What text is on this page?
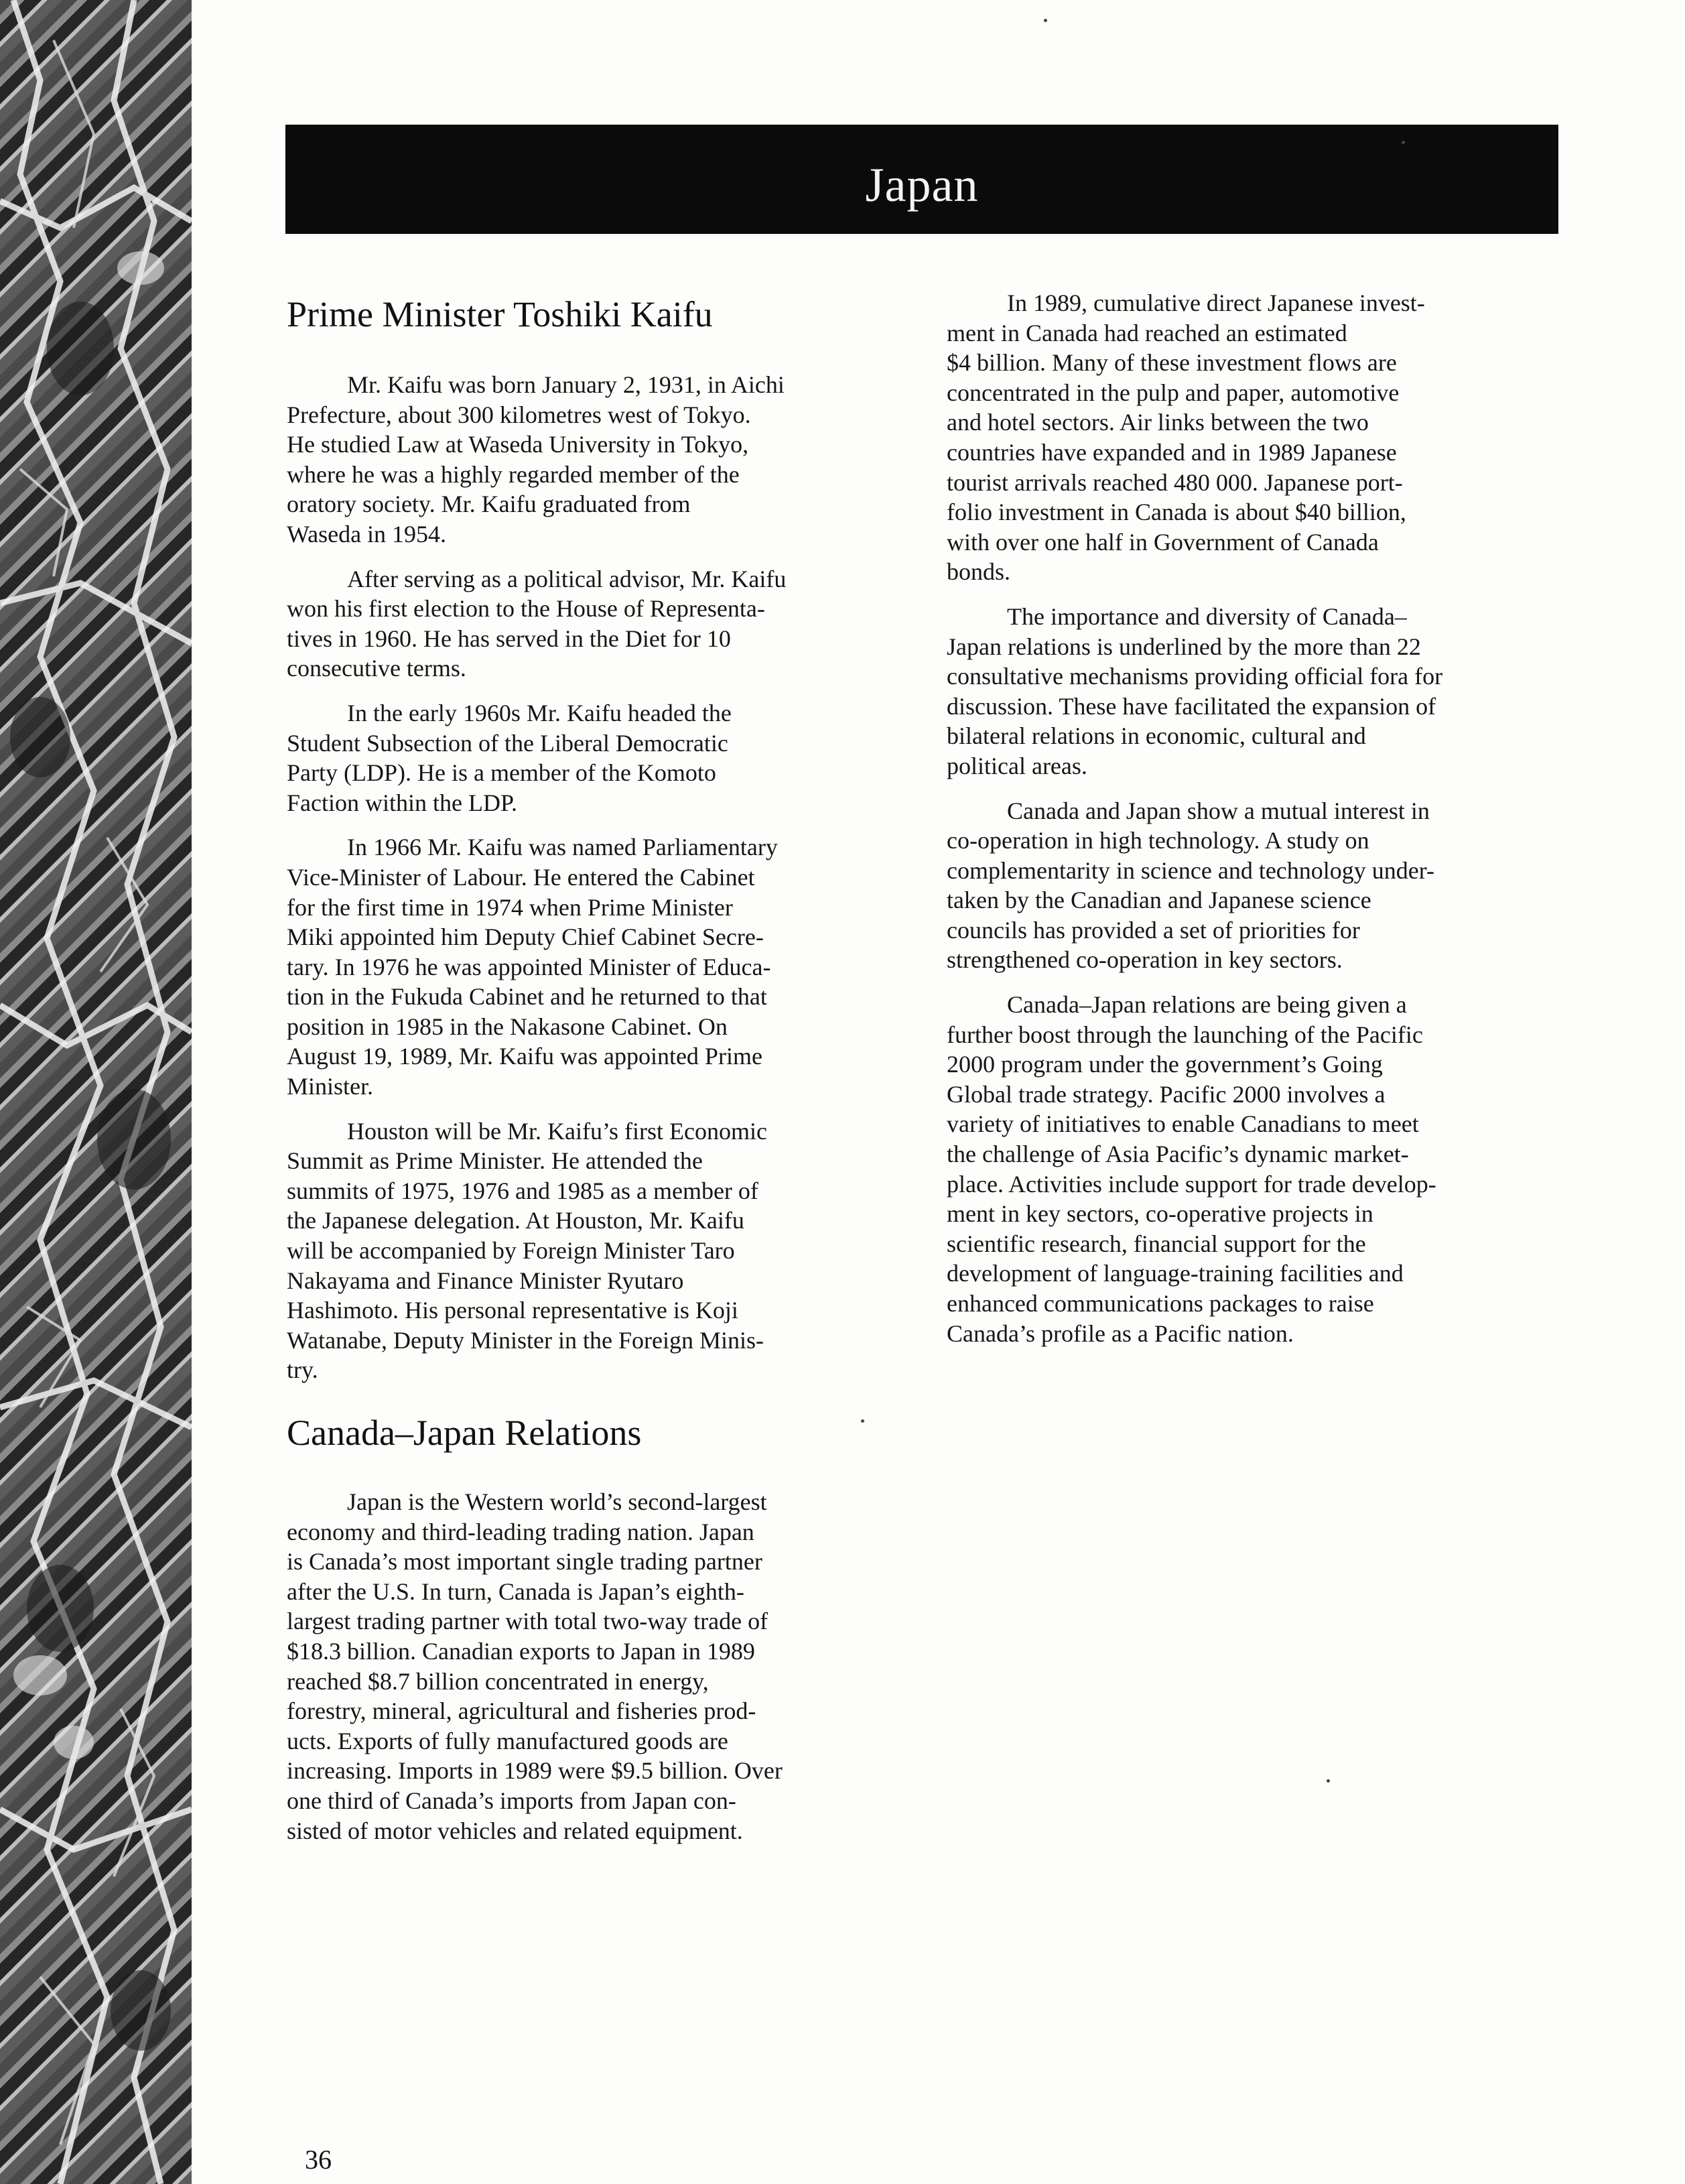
Japan
Prime Minister Toshiki Kaifu

Mr. Kaifu was born January 2, 1931, in Aichi
Prefecture, about 300 kilometres west of Tokyo.
He studied Law at Waseda University in Tokyo,
where he was a highly regarded member of the
oratory society. Mr. Kaifu graduated from
Waseda in 1954.

After serving as a political advisor, Mr. Kaifu
won his first election to the House of Representa-
tives in 1960. He has served in the Diet for 10
consecutive terms.

In the early 1960s Mr. Kaifu headed the
Student Subsection of the Liberal Democratic
Party (LDP). He is a member of the Komoto
Faction within the LDP.

In 1966 Mr. Kaifu was named Parliamentary
Vice-Minister of Labour. He entered the Cabinet
for the first time in 1974 when Prime Minister
Miki appointed him Deputy Chief Cabinet Secre-
tary. In 1976 he was appointed Minister of Educa-
tion in the Fukuda Cabinet and he returned to that
position in 1985 in the Nakasone Cabinet. On
August 19, 1989, Mr. Kaifu was appointed Prime
Minister.

Houston will be Mr. Kaifu’s first Economic
Summit as Prime Minister. He attended the
summits of 1975, 1976 and 1985 as a member of
the Japanese delegation. At Houston, Mr. Kaifu
will be accompanied by Foreign Minister Taro
Nakayama and Finance Minister Ryutaro
Hashimoto. His personal representative is Koji
Watanabe, Deputy Minister in the Foreign Minis-
try.

Canada–Japan Relations

Japan is the Western world’s second-largest
economy and third-leading trading nation. Japan
is Canada’s most important single trading partner
after the U.S. In turn, Canada is Japan’s eighth-
largest trading partner with total two-way trade of
$18.3 billion. Canadian exports to Japan in 1989
reached $8.7 billion concentrated in energy,
forestry, mineral, agricultural and fisheries prod-
ucts. Exports of fully manufactured goods are
increasing. Imports in 1989 were $9.5 billion. Over
one third of Canada’s imports from Japan con-
sisted of motor vehicles and related equipment.

In 1989, cumulative direct Japanese invest-
ment in Canada had reached an estimated
$4 billion. Many of these investment flows are
concentrated in the pulp and paper, automotive
and hotel sectors. Air links between the two
countries have expanded and in 1989 Japanese
tourist arrivals reached 480 000. Japanese port-
folio investment in Canada is about $40 billion,
with over one half in Government of Canada
bonds.

The importance and diversity of Canada–
Japan relations is underlined by the more than 22
consultative mechanisms providing official fora for
discussion. These have facilitated the expansion of
bilateral relations in economic, cultural and
political areas.

Canada and Japan show a mutual interest in
co-operation in high technology. A study on
complementarity in science and technology under-
taken by the Canadian and Japanese science
councils has provided a set of priorities for
strengthened co-operation in key sectors.

Canada–Japan relations are being given a
further boost through the launching of the Pacific
2000 program under the government’s Going
Global trade strategy. Pacific 2000 involves a
variety of initiatives to enable Canadians to meet
the challenge of Asia Pacific’s dynamic market-
place. Activities include support for trade develop-
ment in key sectors, co-operative projects in
scientific research, financial support for the
development of language-training facilities and
enhanced communications packages to raise
Canada’s profile as a Pacific nation.

36
